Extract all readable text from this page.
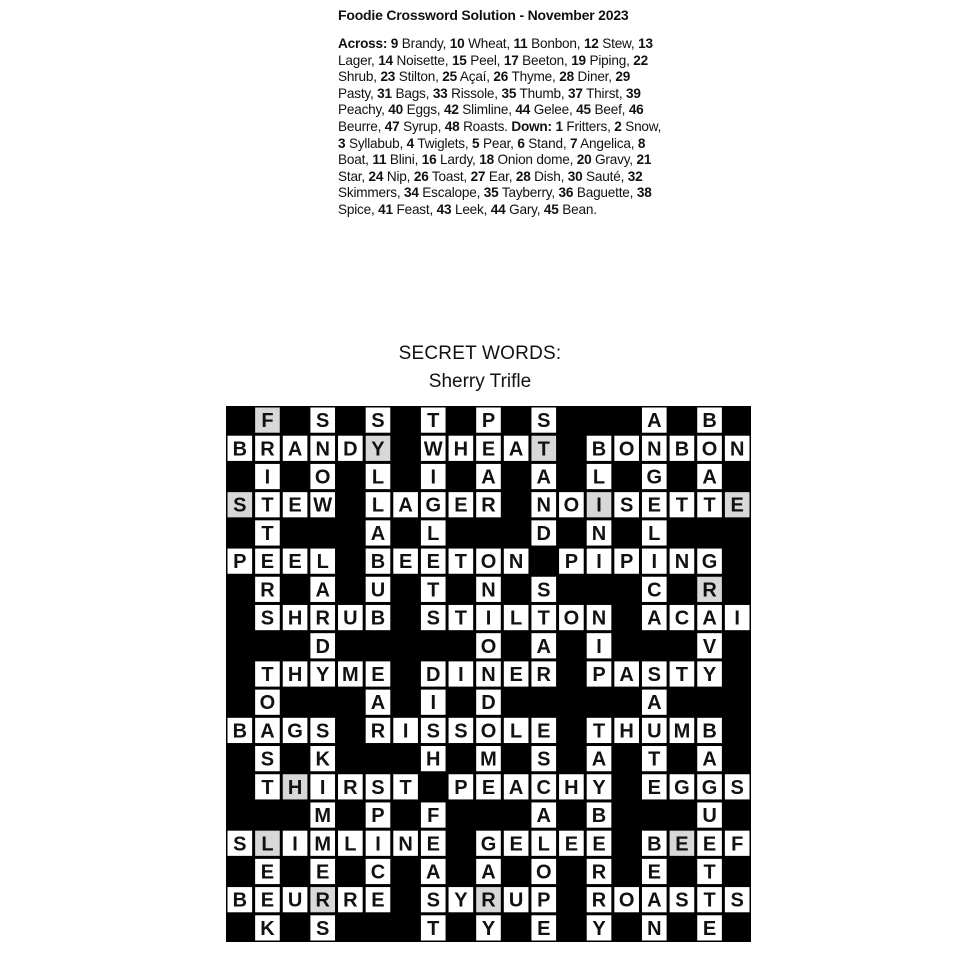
Foodie Crossword Solution - November 2023
Across: 9 Brandy, 10 Wheat, 11 Bonbon, 12 Stew, 13 Lager, 14 Noisette, 15 Peel, 17 Beeton, 19 Piping, 22 Shrub, 23 Stilton, 25 Açaí, 26 Thyme, 28 Diner, 29 Pasty, 31 Bags, 33 Rissole, 35 Thumb, 37 Thirst, 39 Peachy, 40 Eggs, 42 Slimline, 44 Gelee, 45 Beef, 46 Beurre, 47 Syrup, 48 Roasts. Down: 1 Fritters, 2 Snow, 3 Syllabub, 4 Twiglets, 5 Pear, 6 Stand, 7 Angelica, 8 Boat, 11 Blini, 16 Lardy, 18 Onion dome, 20 Gravy, 21 Star, 24 Nip, 26 Toast, 27 Ear, 28 Dish, 30 Sauté, 32 Skimmers, 34 Escalope, 35 Tayberry, 36 Baguette, 38 Spice, 41 Feast, 43 Leek, 44 Gary, 45 Bean.
SECRET WORDS:
Sherry Trifle
F S S T P S	A B
B R A N D Y W H E A T B O N B O N
I O L I A A L G A
S T E W L A G E R N O I S E T T E
T	A L	D N L
P E E L B E E T O N P I P I N G
R A U T N S	C R
S H R U B S T I L T O N A C A I
D	O A I	V
T H Y M E D I N E R P A S T Y
O	A I D	A
B A G S R I S S O L E T H U M B
S K	H M S A T A
T H I R S T P E A C H Y E G G S
M P F	A B	U
S L I M L I N E G E L E E B E E F
E E C A A O R E T
B E U R R E S Y R U P R O A S T S
K S	T Y E Y N E
